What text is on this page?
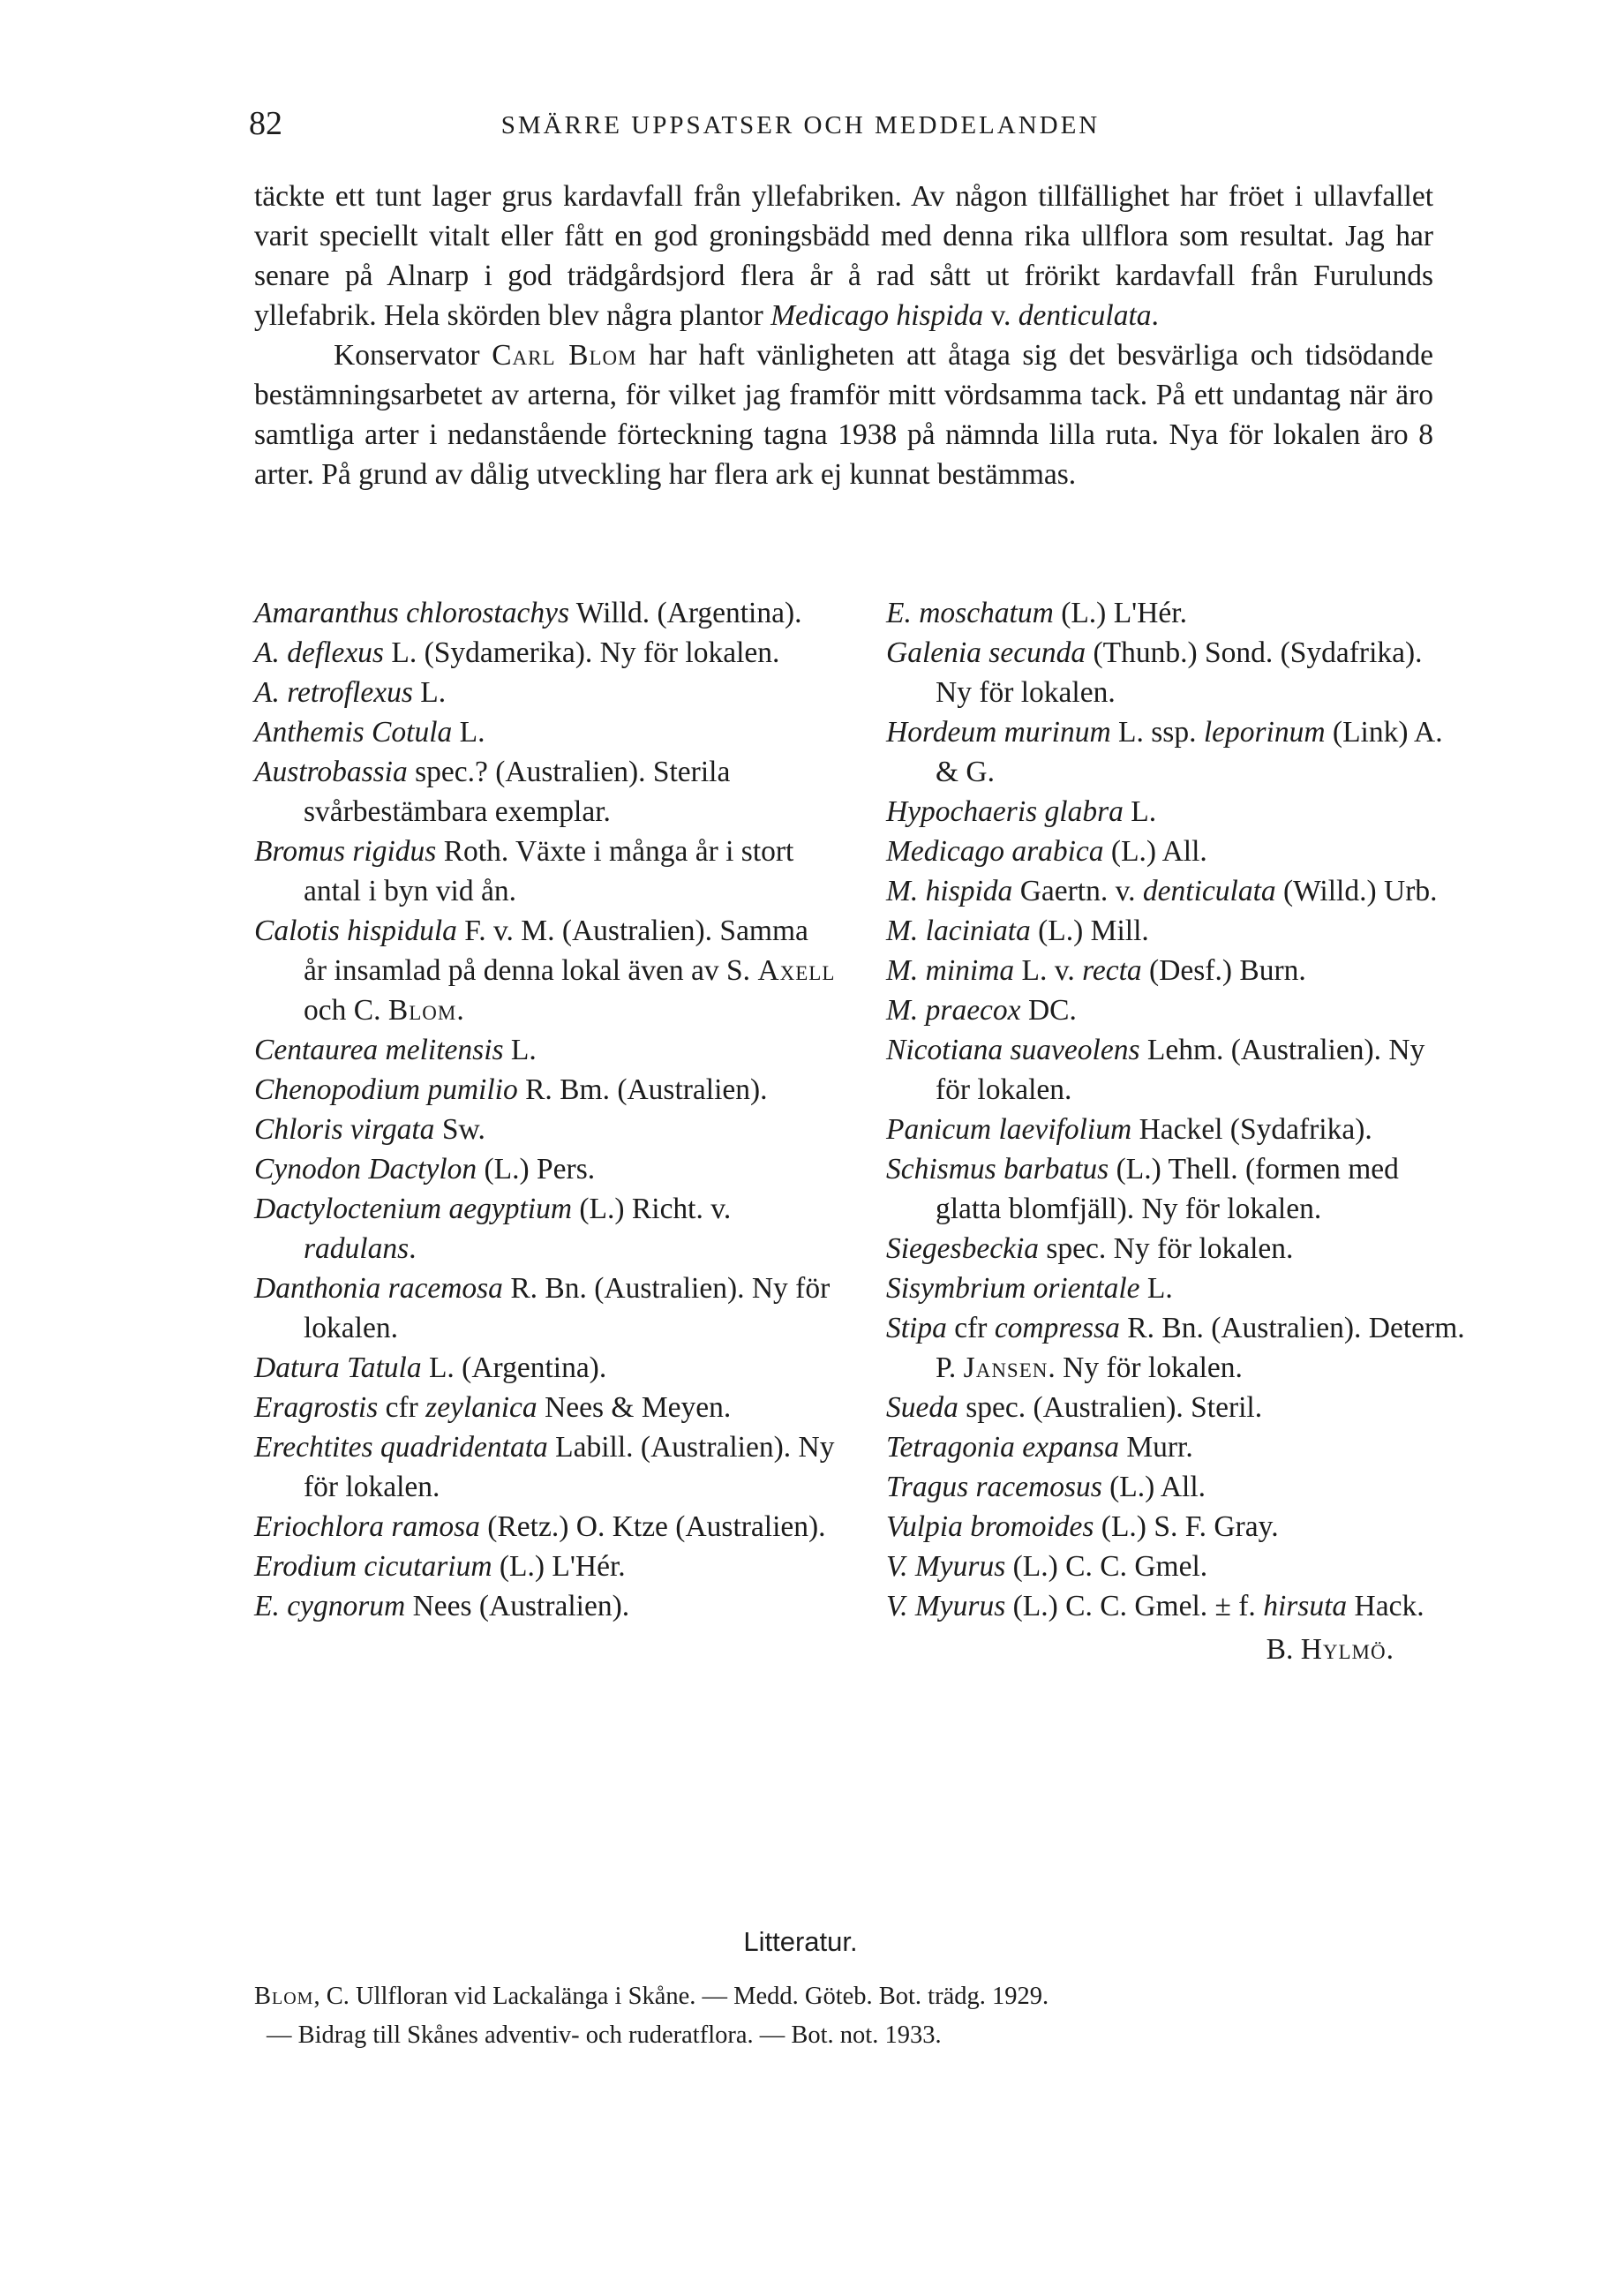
82	SMÄRRE UPPSATSER OCH MEDDELANDEN

täckte ett tunt lager grus kardavfall från yllefabriken. Av någon tillfällighet har fröet i ullavfallet varit speciellt vitalt eller fått en god groningsbädd med denna rika ullflora som resultat. Jag har senare på Alnarp i god trädgårdsjord flera år å rad sått ut frörikt kardavfall från Furulunds yllefabrik. Hela skörden blev några plantor Medicago hispida v. denticulata.

Konservator Carl Blom har haft vänligheten att åtaga sig det besvärliga och tidsödande bestämningsarbetet av arterna, för vilket jag framför mitt vördsamma tack. På ett undantag när äro samtliga arter i nedanstående förteckning tagna 1938 på nämnda lilla ruta. Nya för lokalen äro 8 arter. På grund av dålig utveckling har flera ark ej kunnat bestämmas.

Amaranthus chlorostachys Willd. (Argentina).

A. deflexus L. (Sydamerika). Ny för lokalen.

A. retroflexus L.

Anthemis Cotula L.

Austrobassia spec.? (Australien). Sterila svårbestämbara exemplar.

Bromus rigidus Roth. Växte i många år i stort antal i byn vid ån.

Calotis hispidula F. v. M. (Australien). Samma år insamlad på denna lokal även av S. Axell och C. Blom.

Centaurea melitensis L.

Chenopodium pumilio R. Bm. (Australien).

Chloris virgata Sw.

Cynodon Dactylon (L.) Pers.

Dactyloctenium aegyptium (L.) Richt. v. radulans.

Danthonia racemosa R. Bn. (Australien). Ny för lokalen.

Datura Tatula L. (Argentina).

Eragrostis cfr zeylanica Nees & Meyen.

Erechtites quadridentata Labill. (Australien). Ny för lokalen.

Eriochlora ramosa (Retz.) O. Ktze (Australien).

Erodium cicutarium (L.) L'Hér.

E. cygnorum Nees (Australien).

E. moschatum (L.) L'Hér.

Galenia secunda (Thunb.) Sond. (Sydafrika). Ny för lokalen.

Hordeum murinum L. ssp. leporinum (Link) A. & G.

Hypochaeris glabra L.

Medicago arabica (L.) All.

M. hispida Gaertn. v. denticulata (Willd.) Urb.

M. laciniata (L.) Mill.

M. minima L. v. recta (Desf.) Burn.

M. praecox DC.

Nicotiana suaveolens Lehm. (Australien). Ny för lokalen.

Panicum laevifolium Hackel (Sydafrika).

Schismus barbatus (L.) Thell. (formen med glatta blomfjäll). Ny för lokalen.

Siegesbeckia spec. Ny för lokalen.

Sisymbrium orientale L.

Stipa cfr compressa R. Bn. (Australien). Determ. P. Jansen. Ny för lokalen.

Sueda spec. (Australien). Steril.

Tetragonia expansa Murr.

Tragus racemosus (L.) All.

Vulpia bromoides (L.) S. F. Gray.

V. Myurus (L.) C. C. Gmel.

V. Myurus (L.) C. C. Gmel. ± f. hirsuta Hack.

B. Hylmö.

Litteratur.

Blom, C. Ullfloran vid Lackalänga i Skåne. — Medd. Göteb. Bot. trädg. 1929.

— Bidrag till Skånes adventiv- och ruderatflora. — Bot. not. 1933.
